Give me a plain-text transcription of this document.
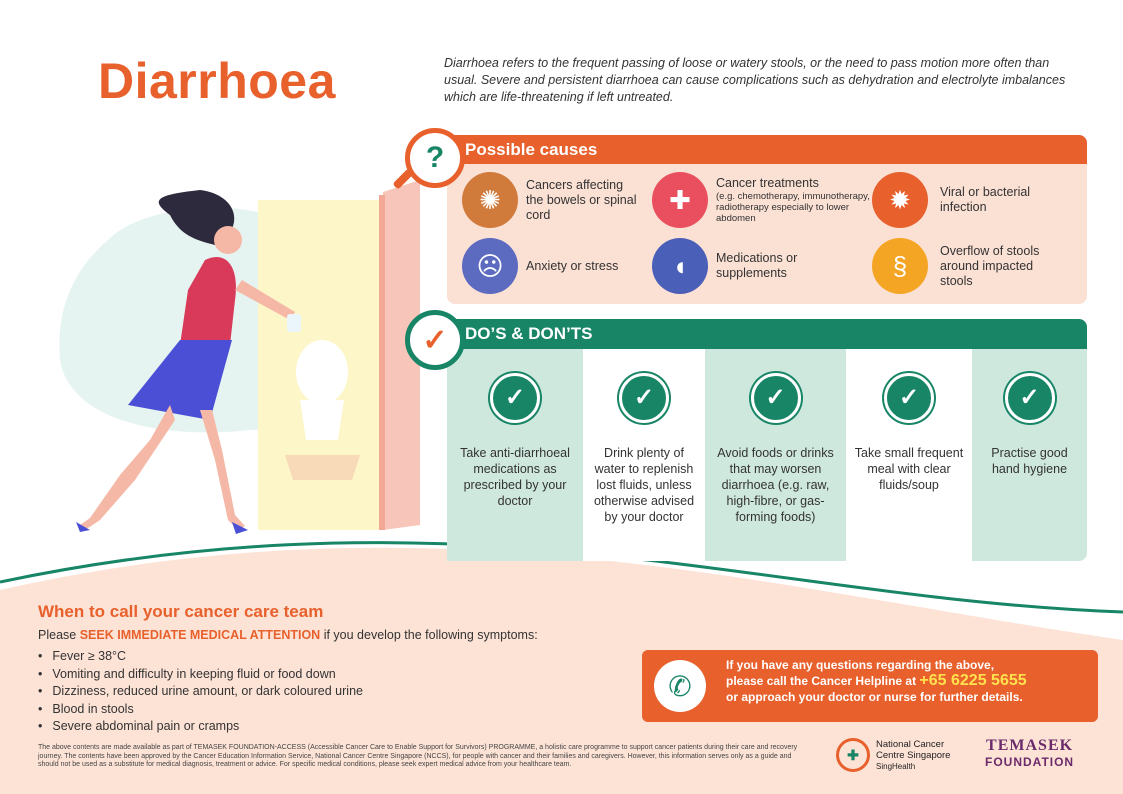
Diarrhoea	Diarrhoea refers to the frequent passing of loose or watery stools, or the need to pass motion more often than usual. Severe and persistent diarrhoea can cause complications such as dehydration and electrolyte imbalances which are life-threatening if left untreated.
Possible causes
✺	Cancers affecting the bowels or spinal cord	✚
Cancer treatments
(e.g. chemotherapy, immunotherapy, radiotherapy especially to lower abdomen
✹	Viral or bacterial infection
☹	Anxiety or stress	◖	Medications or supplements	§	Overflow of stools around impacted stools
?
DO’S & DON’TS
✓
Take anti-diarrhoeal medications as prescribed by your doctor
✓
Drink plenty of water to replenish lost fluids, unless otherwise advised by your doctor
✓
Avoid foods or drinks that may worsen diarrhoea (e.g. raw, high-fibre, or gas-forming foods)
✓
Take small frequent meal with clear fluids/soup
✓
Practise good hand hygiene
✓
When to call your cancer care team
Please SEEK IMMEDIATE MEDICAL ATTENTION if you develop the following symptoms:
• Fever ≥ 38°C
• Vomiting and difficulty in keeping fluid or food down
• Dizziness, reduced urine amount, or dark coloured urine
• Blood in stools
• Severe abdominal pain or cramps
✆
If you have any questions regarding the above,
please call the Cancer Helpline at +65 6225 5655
or approach your doctor or nurse for further details.
The above contents are made available as part of TEMASEK FOUNDATION-ACCESS (Accessible Cancer Care to Enable Support for Survivors) PROGRAMME, a holistic care programme to support cancer patients during their care and recovery journey. The contents have been approved by the Cancer Education Information Service, National Cancer Centre Singapore (NCCS), for people with cancer and their families and caregivers. However, this information serves only as a guide and should not be used as a substitute for medical diagnosis, treatment or advice. For specific medical conditions, please seek expert medical advice from your healthcare team.
✚
National Cancer
Centre Singapore
SingHealth
TEMASEK
FOUNDATION
